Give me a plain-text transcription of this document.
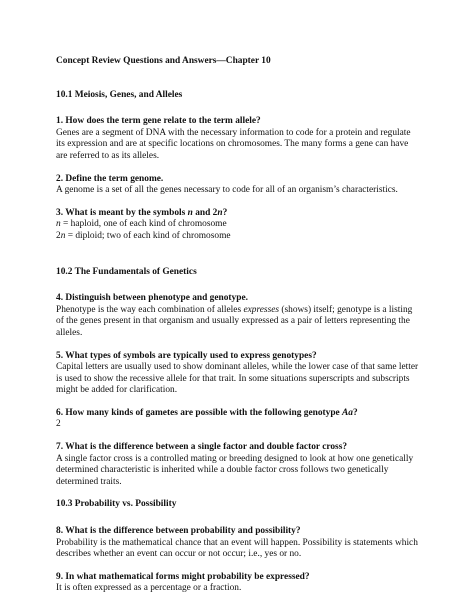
Concept Review Questions and Answers—Chapter 10
10.1 Meiosis, Genes, and Alleles
1. How does the term gene relate to the term allele?
Genes are a segment of DNA with the necessary information to code for a protein and regulate
its expression and are at specific locations on chromosomes. The many forms a gene can have
are referred to as its alleles.
2. Define the term genome.
A genome is a set of all the genes necessary to code for all of an organism’s characteristics.
3. What is meant by the symbols n and 2n?
n = haploid, one of each kind of chromosome
2n = diploid; two of each kind of chromosome
10.2 The Fundamentals of Genetics
4. Distinguish between phenotype and genotype.
Phenotype is the way each combination of alleles expresses (shows) itself; genotype is a listing
of the genes present in that organism and usually expressed as a pair of letters representing the
alleles.
5. What types of symbols are typically used to express genotypes?
Capital letters are usually used to show dominant alleles, while the lower case of that same letter
is used to show the recessive allele for that trait. In some situations superscripts and subscripts
might be added for clarification.
6. How many kinds of gametes are possible with the following genotype Aa?
2
7. What is the difference between a single factor and double factor cross?
A single factor cross is a controlled mating or breeding designed to look at how one genetically
determined characteristic is inherited while a double factor cross follows two genetically
determined traits.
10.3 Probability vs. Possibility
8. What is the difference between probability and possibility?
Probability is the mathematical chance that an event will happen. Possibility is statements which
describes whether an event can occur or not occur; i.e., yes or no.
9. In what mathematical forms might probability be expressed?
It is often expressed as a percentage or a fraction.
